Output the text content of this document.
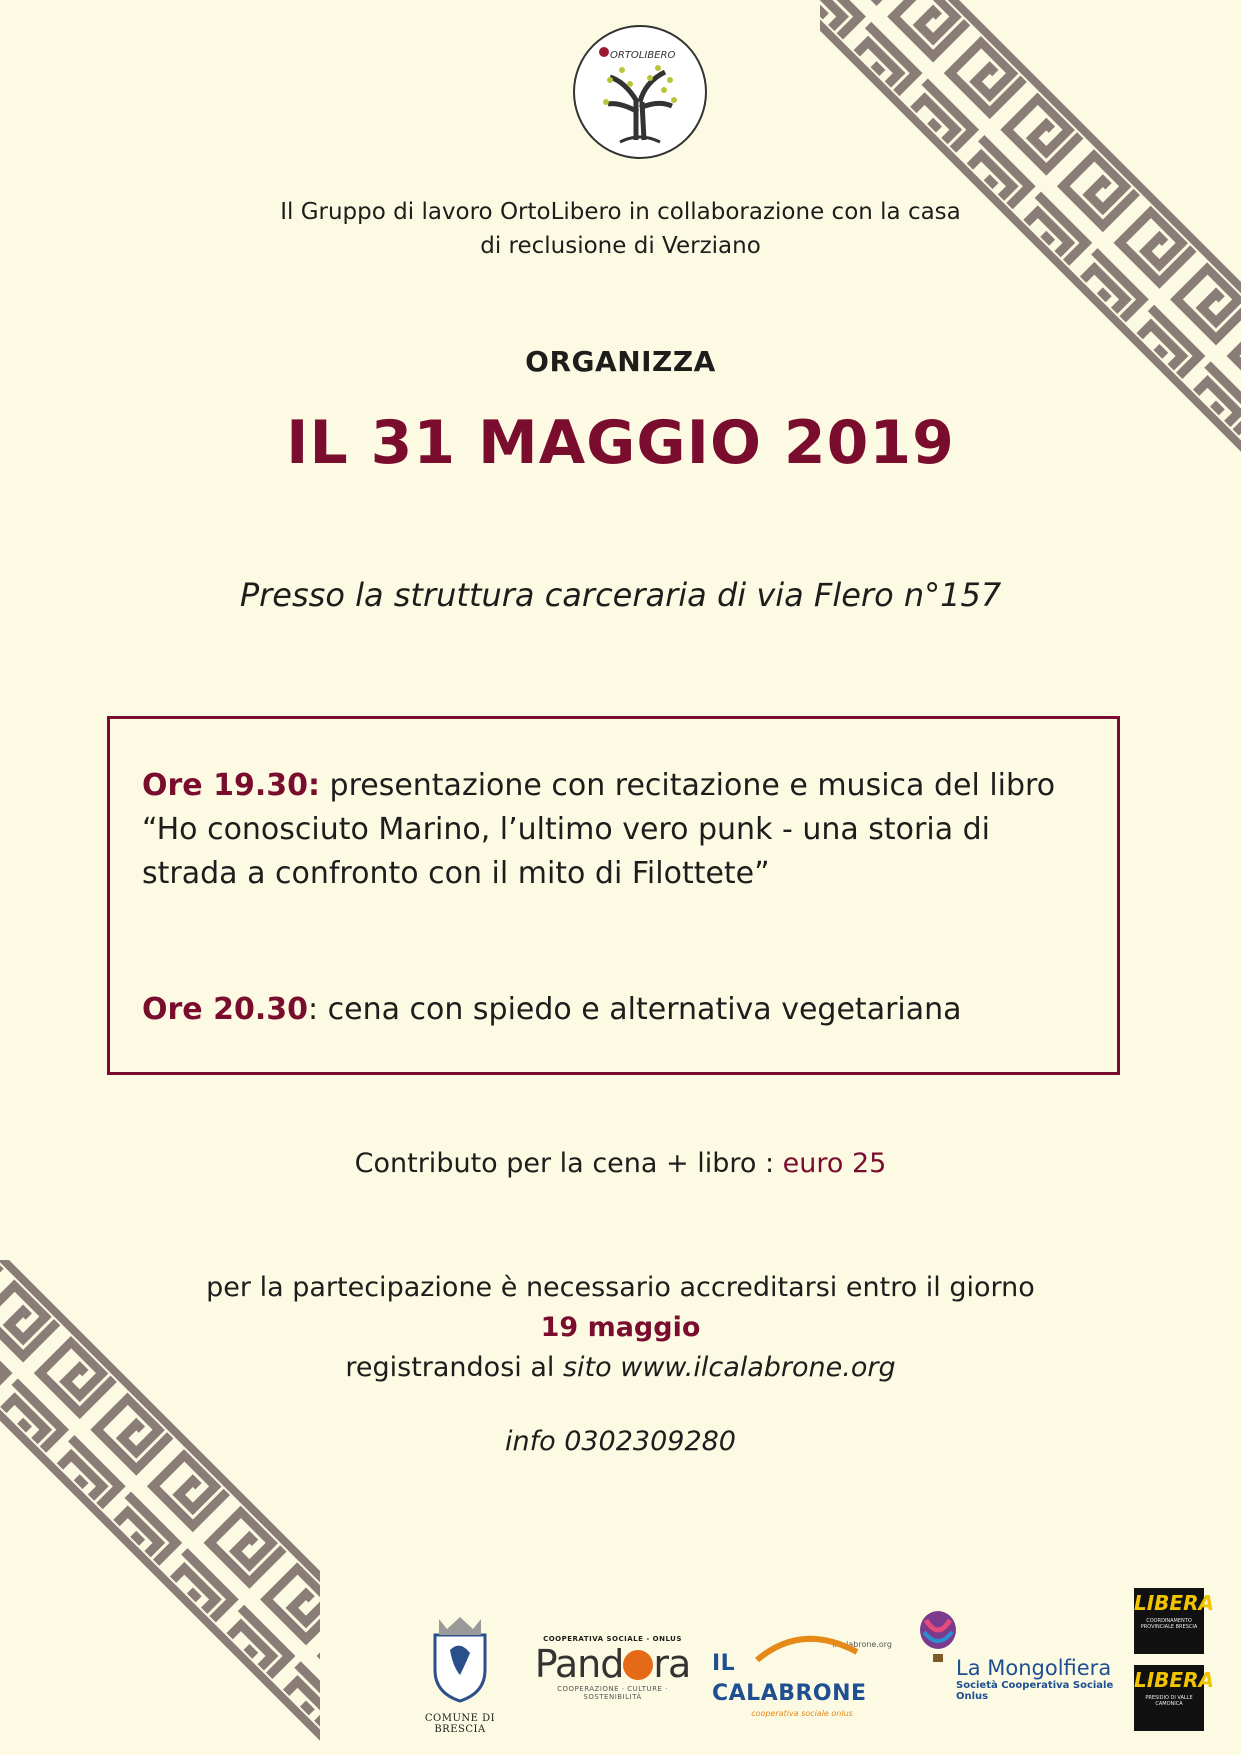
ORTOLIBERO
Il Gruppo di lavoro OrtoLibero in collaborazione con la casa
di reclusione di Verziano
ORGANIZZA
IL 31 MAGGIO 2019
Presso la struttura carceraria di via Flero n°157
Ore 19.30: presentazione con recitazione e musica del libro
“Ho conosciuto Marino, l’ultimo vero punk - una storia di
strada a confronto con il mito di Filottete”
Ore 20.30: cena con spiedo e alternativa vegetariana
Contributo per la cena + libro : euro 25
per la partecipazione è necessario accreditarsi entro il giorno
19 maggio
registrandosi al sito www.ilcalabrone.org
info 0302309280
COMUNE DI BRESCIA
COOPERATIVA SOCIALE - ONLUS
Pand ra
COOPERAZIONE · CULTURE · SOSTENIBILITÀ
ilcalabrone.org
IL CALABRONE
cooperativa sociale onlus
La Mongolfiera
Società Cooperativa Sociale Onlus
LIBERA
COORDINAMENTO PROVINCIALE BRESCIA
LIBERA
PRESIDIO DI VALLE CAMONICA
